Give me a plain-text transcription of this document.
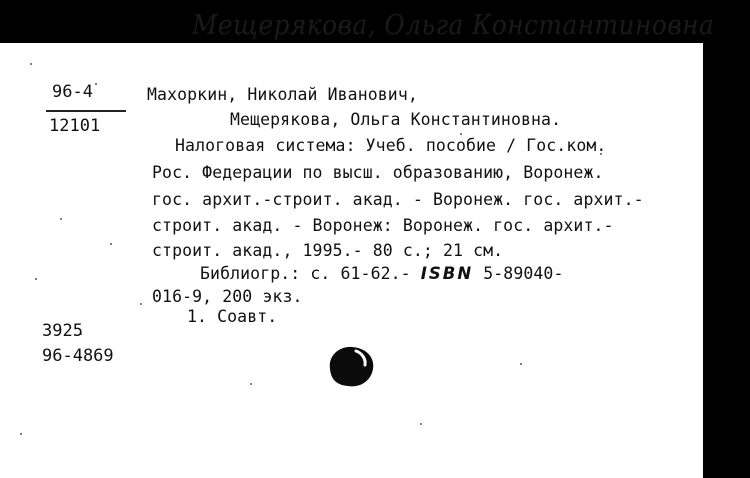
Мещерякова, Ольга Константиновна
96-4
12101
Махоркин, Николай Иванович,
Мещерякова, Ольга Константиновна.
Налоговая система: Учеб. пособие / Гос.ком.
Рос. Федерации по высш. образованию, Воронеж.
гос. архит.-строит. акад. - Воронеж. гос. архит.-
строит. акад. - Воронеж: Воронеж. гос. архит.-
строит. акад., 1995.- 80 с.; 21 см.
Библиогр.: с. 61-62.- ISBN 5-89040-
016-9, 200 экз.
1. Соавт.
3925
96-4869
